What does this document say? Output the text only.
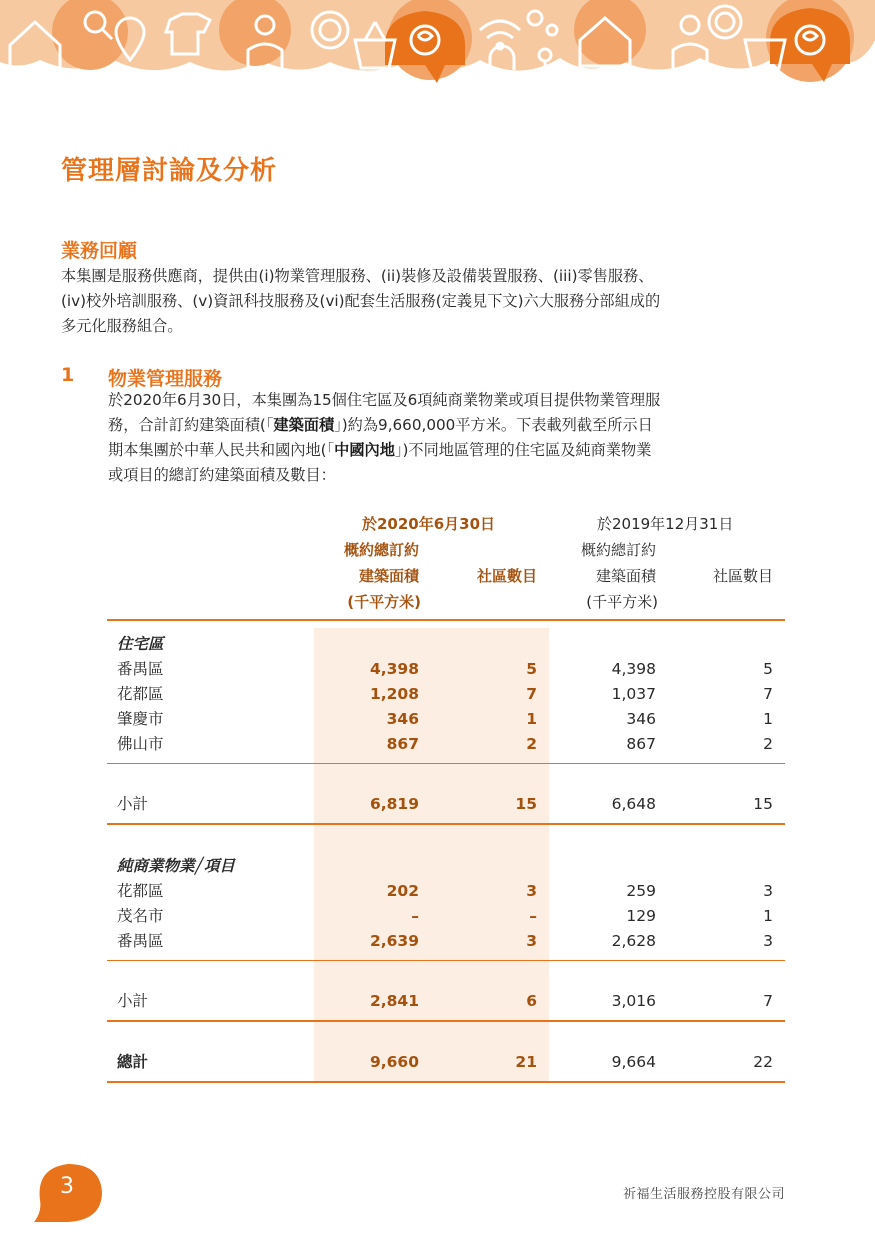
管理層討論及分析
業務回顧
本集團是服務供應商，提供由(i)物業管理服務、(ii)裝修及設備裝置服務、(iii)零售服務、
(iv)校外培訓服務、(v)資訊科技服務及(vi)配套生活服務(定義見下文)六大服務分部組成的
多元化服務組合。
1 物業管理服務
於2020年6月30日，本集團為15個住宅區及6項純商業物業或項目提供物業管理服
務，合計訂約建築面積(「建築面積」)約為9,660,000平方米。下表載列截至所示日
期本集團於中華人民共和國內地(「中國內地」)不同地區管理的住宅區及純商業物業
或項目的總訂約建築面積及數目：
於2020年6月30日	於2019年12月31日
概約總訂約
建築面積
(千平方米)
社區數目
概約總訂約
建築面積
(千平方米)
社區數目
住宅區
番禺區	4,398	5	4,398	5
花都區	1,208	7	1,037	7
肇慶市	346	1	346	1
佛山市	867	2	867	2
小計	6,819	15	6,648	15
純商業物業╱項目
花都區	202	3	259	3
茂名市	–	–	129	1
番禺區	2,639	3	2,628	3
小計	2,841	6	3,016	7
總計	9,660	21	9,664	22
3	祈福生活服務控股有限公司
